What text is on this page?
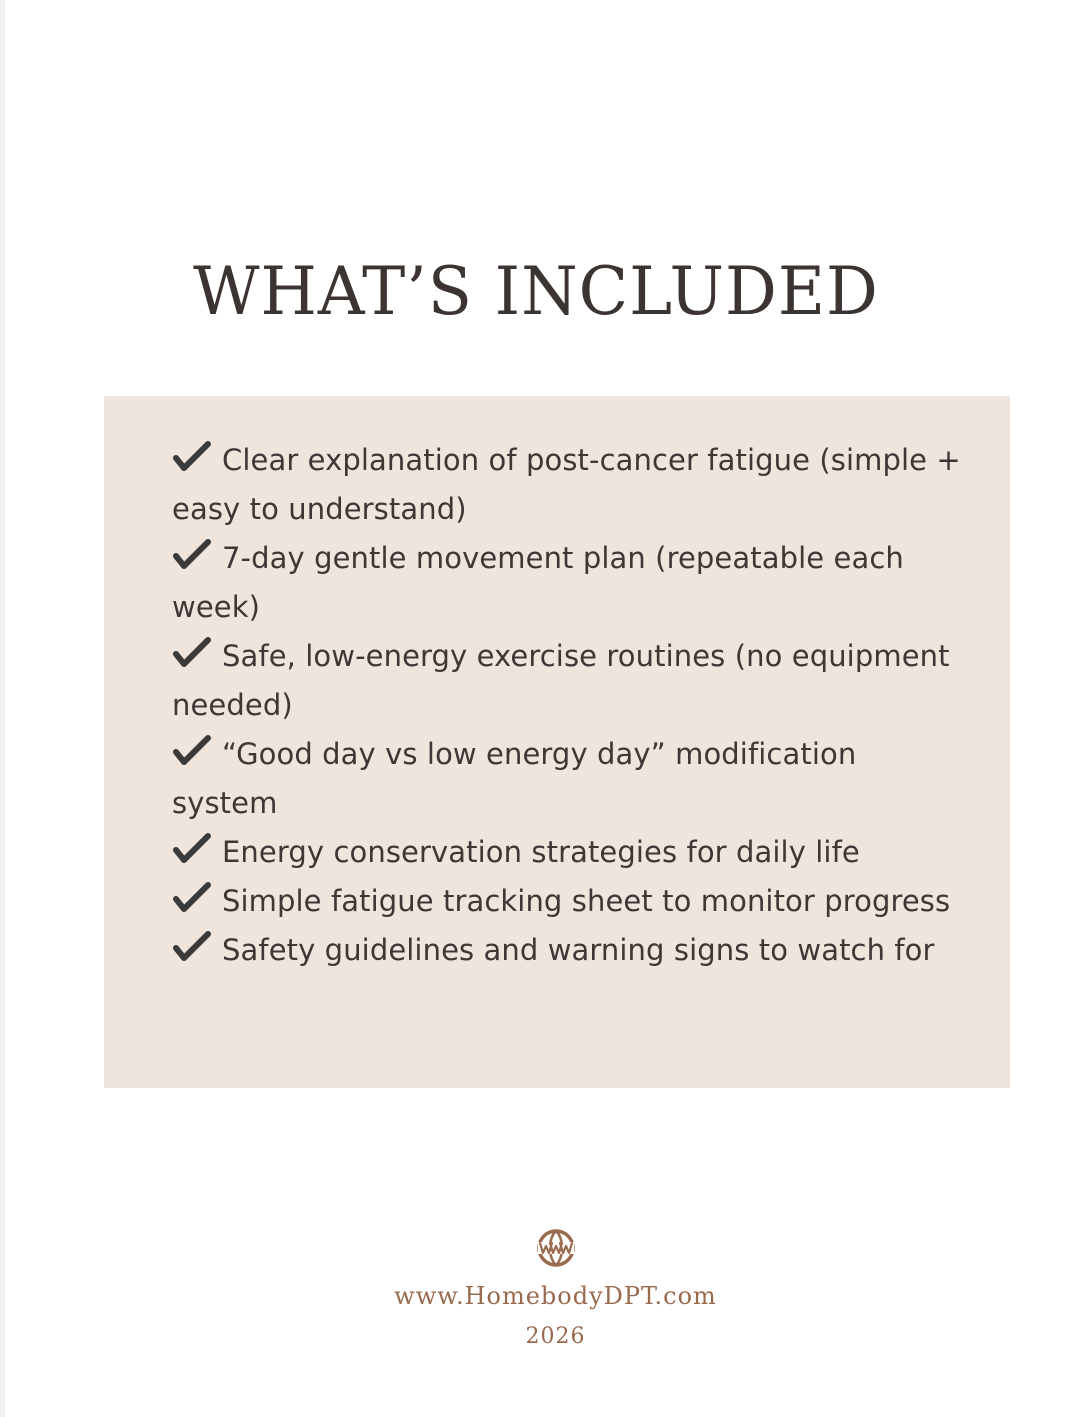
WHAT’S INCLUDED
Clear explanation of post-cancer fatigue (simple + easy to understand)
7-day gentle movement plan (repeatable each week)
Safe, low-energy exercise routines (no equipment needed)
“Good day vs low energy day” modification system
Energy conservation strategies for daily life
Simple fatigue tracking sheet to monitor progress
Safety guidelines and warning signs to watch for
www.HomebodyDPT.com
2026
